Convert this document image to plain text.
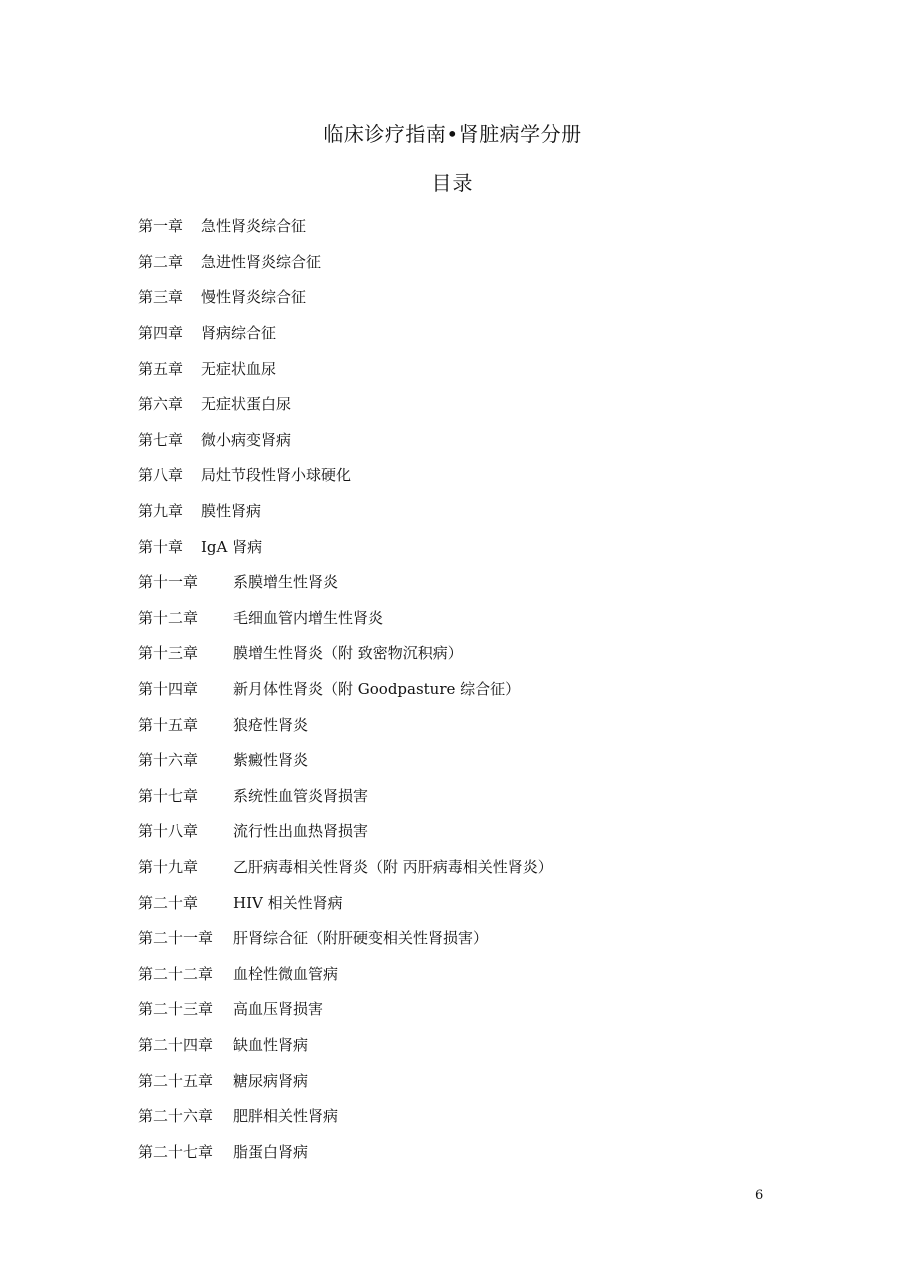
临床诊疗指南•肾脏病学分册
目录
第一章	急性肾炎综合征
第二章	急进性肾炎综合征
第三章	慢性肾炎综合征
第四章	肾病综合征
第五章	无症状血尿
第六章	无症状蛋白尿
第七章	微小病变肾病
第八章	局灶节段性肾小球硬化
第九章	膜性肾病
第十章	IgA 肾病
第十一章	系膜增生性肾炎
第十二章	毛细血管内增生性肾炎
第十三章	膜增生性肾炎（附 致密物沉积病）
第十四章	新月体性肾炎（附 Goodpasture 综合征）
第十五章	狼疮性肾炎
第十六章	紫癜性肾炎
第十七章	系统性血管炎肾损害
第十八章	流行性出血热肾损害
第十九章	乙肝病毒相关性肾炎（附 丙肝病毒相关性肾炎）
第二十章	HIV 相关性肾病
第二十一章	肝肾综合征（附肝硬变相关性肾损害）
第二十二章	血栓性微血管病
第二十三章	高血压肾损害
第二十四章	缺血性肾病
第二十五章	糖尿病肾病
第二十六章	肥胖相关性肾病
第二十七章	脂蛋白肾病
6
